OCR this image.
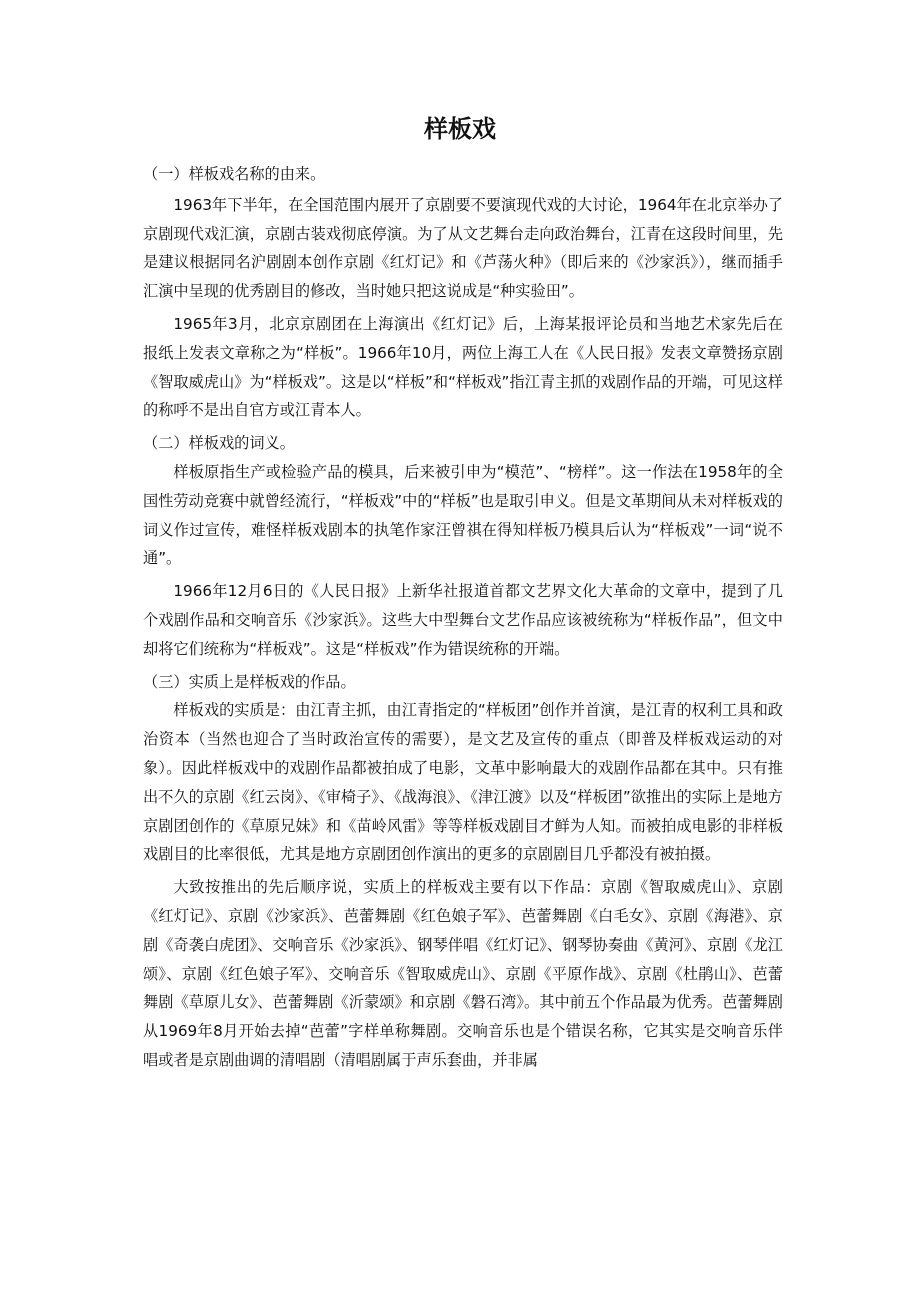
样板戏

（一）样板戏名称的由来。

1963年下半年，在全国范围内展开了京剧要不要演现代戏的大讨论，1964年在北京举办了京剧现代戏汇演，京剧古装戏彻底停演。为了从文艺舞台走向政治舞台，江青在这段时间里，先是建议根据同名沪剧剧本创作京剧《红灯记》和《芦荡火种》（即后来的《沙家浜》），继而插手汇演中呈现的优秀剧目的修改，当时她只把这说成是“种实验田”。

1965年3月，北京京剧团在上海演出《红灯记》后，上海某报评论员和当地艺术家先后在报纸上发表文章称之为“样板”。1966年10月，两位上海工人在《人民日报》发表文章赞扬京剧《智取威虎山》为“样板戏”。这是以“样板”和“样板戏”指江青主抓的戏剧作品的开端，可见这样的称呼不是出自官方或江青本人。

（二）样板戏的词义。

样板原指生产或检验产品的模具，后来被引申为“模范”、“榜样”。这一作法在1958年的全国性劳动竞赛中就曾经流行，“样板戏”中的“样板”也是取引申义。但是文革期间从未对样板戏的词义作过宣传，难怪样板戏剧本的执笔作家汪曾祺在得知样板乃模具后认为“样板戏”一词“说不通”。

1966年12月6日的《人民日报》上新华社报道首都文艺界文化大革命的文章中，提到了几个戏剧作品和交响音乐《沙家浜》。这些大中型舞台文艺作品应该被统称为“样板作品”，但文中却将它们统称为“样板戏”。这是“样板戏”作为错误统称的开端。

（三）实质上是样板戏的作品。

样板戏的实质是：由江青主抓，由江青指定的“样板团”创作并首演，是江青的权利工具和政治资本（当然也迎合了当时政治宣传的需要），是文艺及宣传的重点（即普及样板戏运动的对象）。因此样板戏中的戏剧作品都被拍成了电影，文革中影响最大的戏剧作品都在其中。只有推出不久的京剧《红云岗》、《审椅子》、《战海浪》、《津江渡》以及“样板团”欲推出的实际上是地方京剧团创作的《草原兄妹》和《苗岭风雷》等等样板戏剧目才鲜为人知。而被拍成电影的非样板戏剧目的比率很低，尤其是地方京剧团创作演出的更多的京剧剧目几乎都没有被拍摄。

大致按推出的先后顺序说，实质上的样板戏主要有以下作品：京剧《智取威虎山》、京剧《红灯记》、京剧《沙家浜》、芭蕾舞剧《红色娘子军》、芭蕾舞剧《白毛女》、京剧《海港》、京剧《奇袭白虎团》、交响音乐《沙家浜》、钢琴伴唱《红灯记》、钢琴协奏曲《黄河》、京剧《龙江颂》、京剧《红色娘子军》、交响音乐《智取威虎山》、京剧《平原作战》、京剧《杜鹃山》、芭蕾舞剧《草原儿女》、芭蕾舞剧《沂蒙颂》和京剧《磐石湾》。其中前五个作品最为优秀。芭蕾舞剧从1969年8月开始去掉“芭蕾”字样单称舞剧。交响音乐也是个错误名称，它其实是交响音乐伴唱或者是京剧曲调的清唱剧（清唱剧属于声乐套曲，并非属
